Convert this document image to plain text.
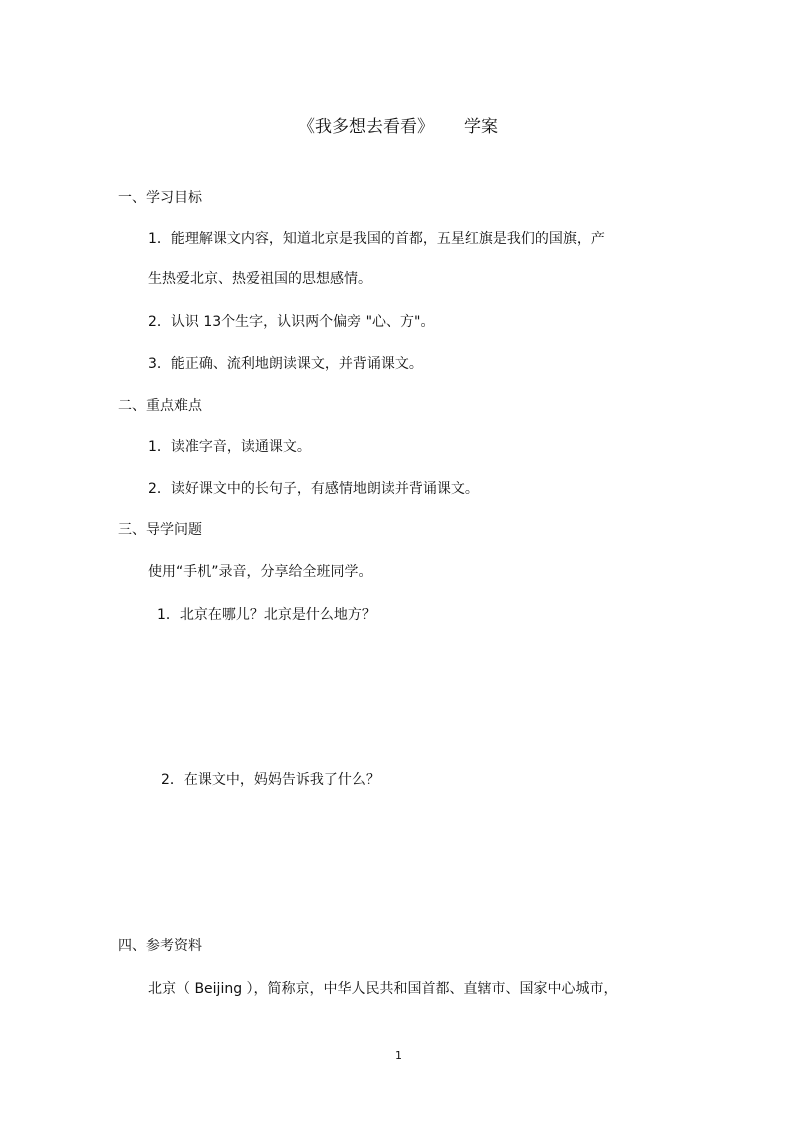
《我多想去看看》 学案
一、学习目标
1．能理解课文内容，知道北京是我国的首都，五星红旗是我们的国旗，产
生热爱北京、热爱祖国的思想感情。
2．认识 13个生字，认识两个偏旁 "心、方"。
3．能正确、流利地朗读课文，并背诵课文。
二、重点难点
1．读准字音，读通课文。
2．读好课文中的长句子，有感情地朗读并背诵课文。
三、导学问题
使用“手机”录音，分享给全班同学。
1．北京在哪儿？北京是什么地方？
2．在课文中，妈妈告诉我了什么？
四、参考资料
北京（ Beijing ），简称京，中华人民共和国首都、直辖市、国家中心城市，
1
